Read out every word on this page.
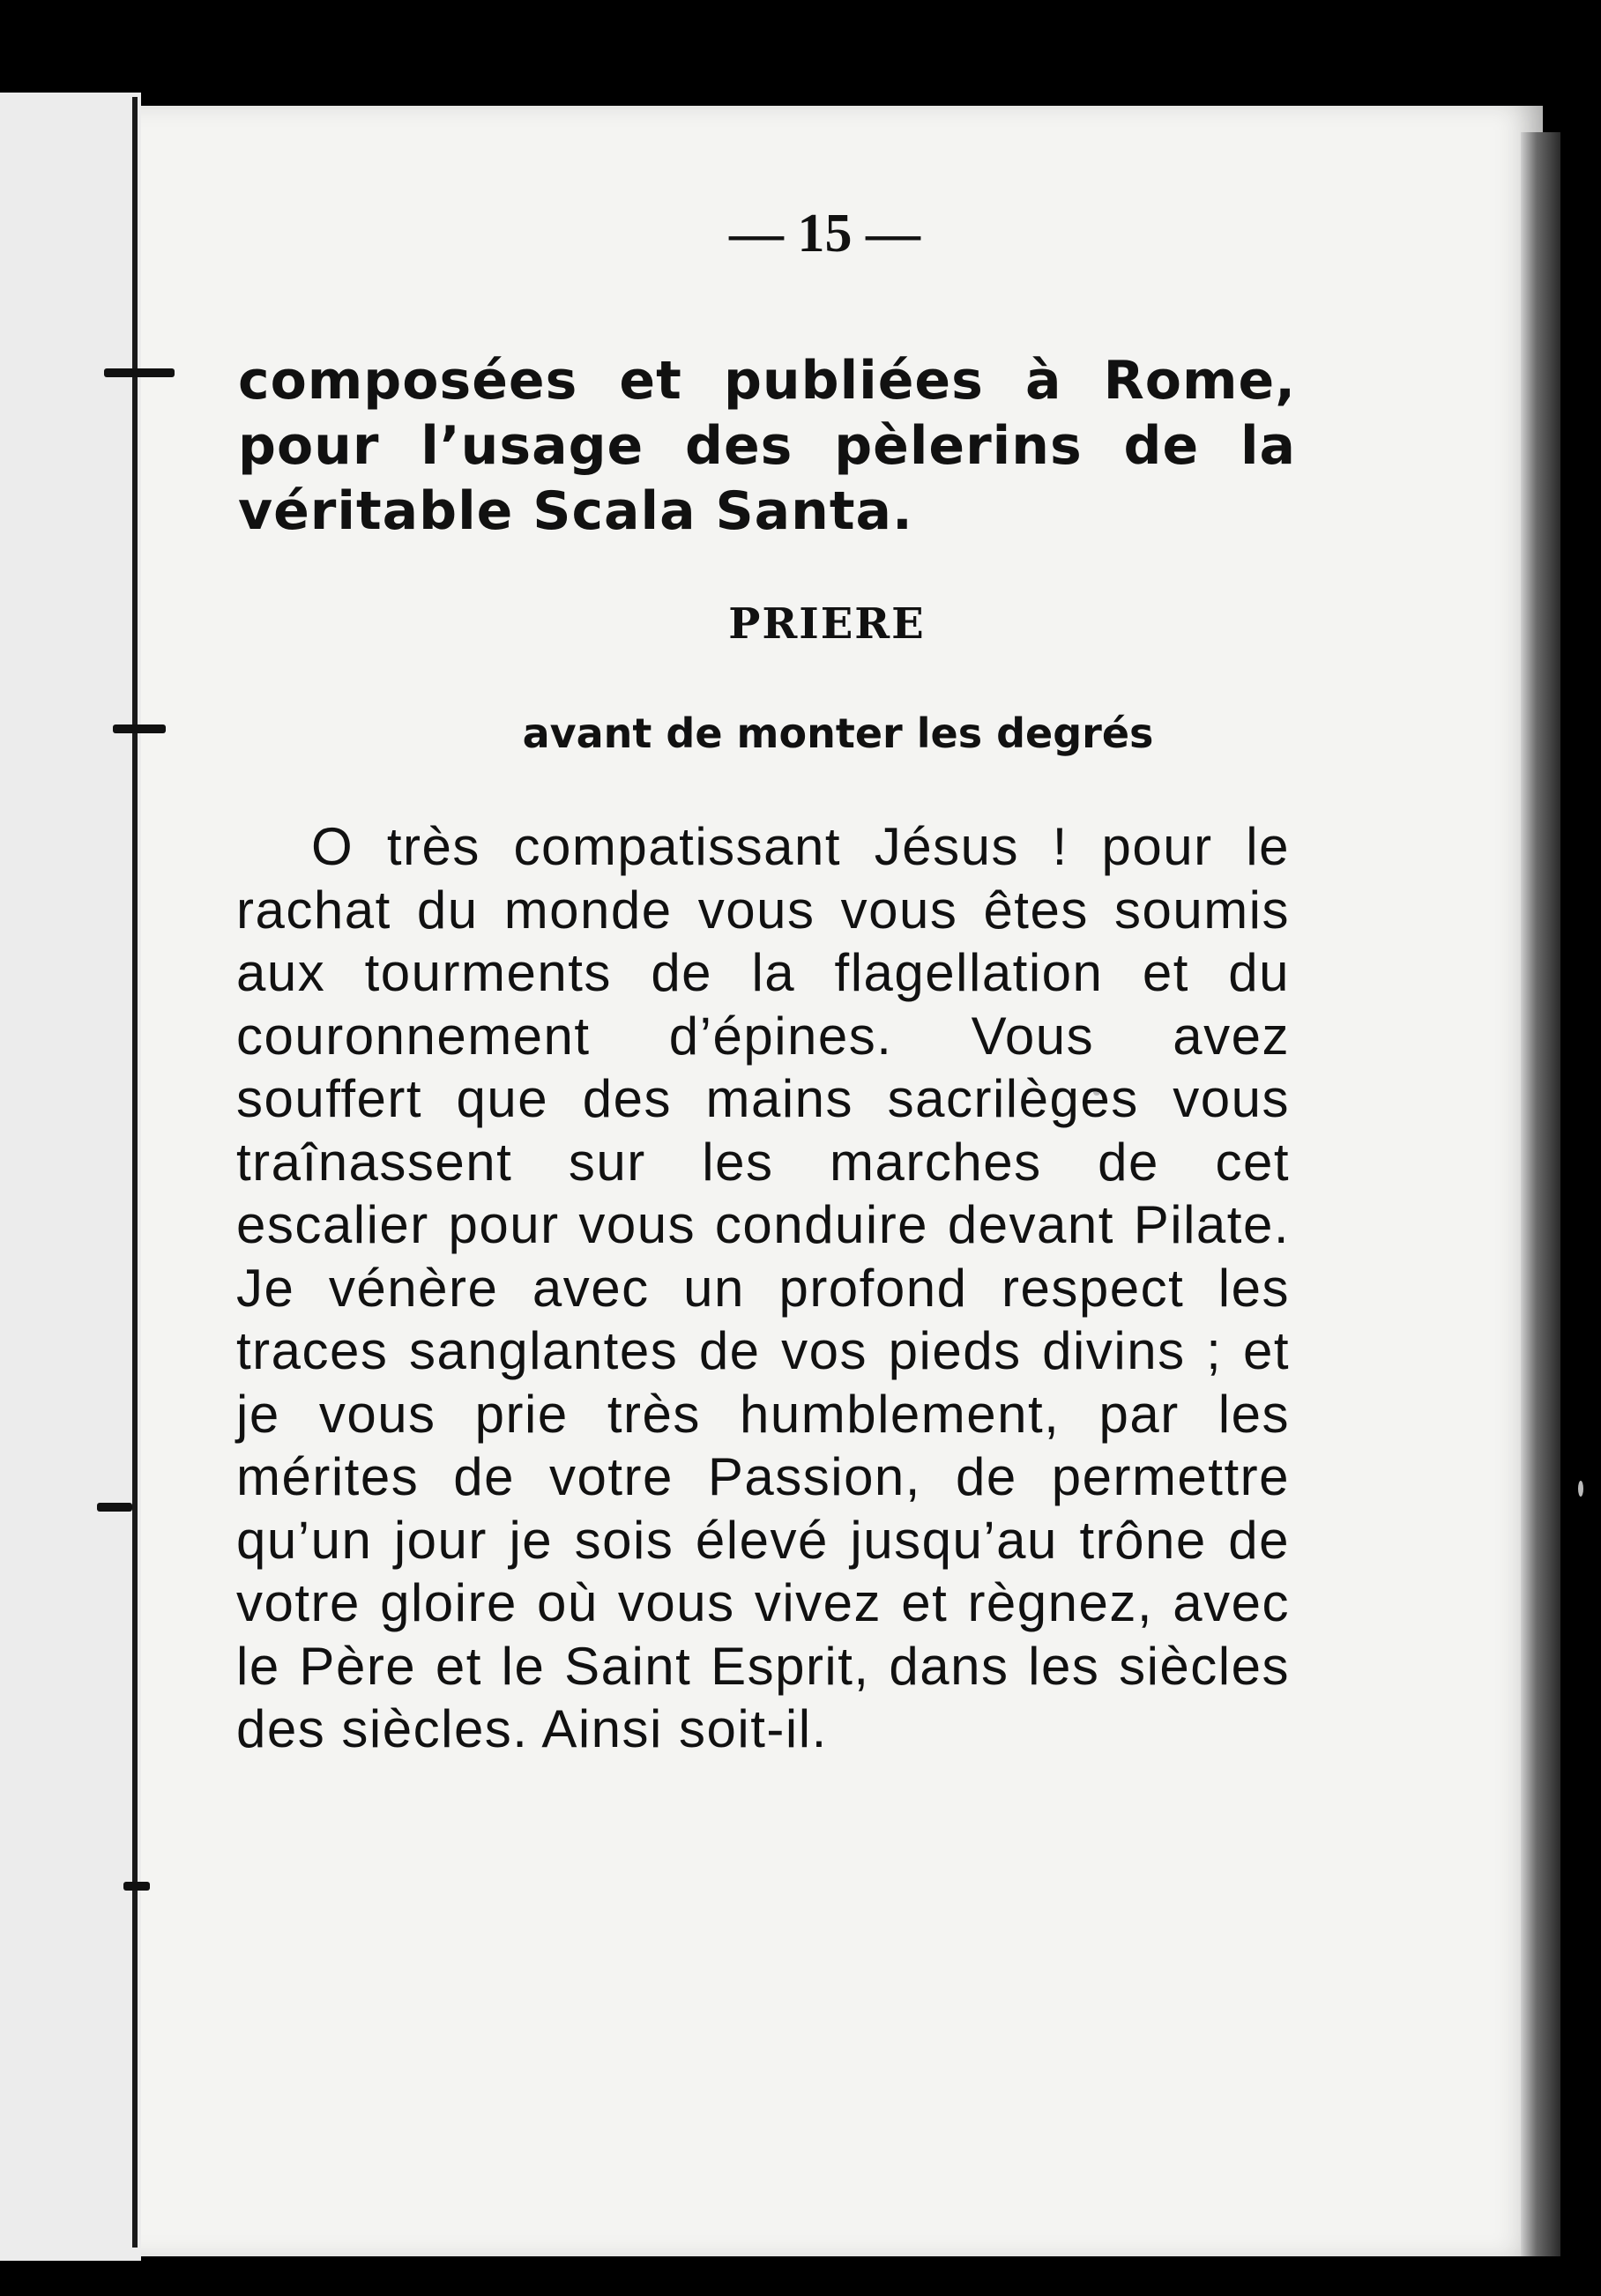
— 15 —
composées et publiées à Rome, pour l’usage des pèlerins de la véritable Scala Santa.
PRIERE
avant de monter les degrés
O très compatissant Jésus ! pour le rachat du monde vous vous êtes soumis aux tourments de la flagellation et du couronnement d’épines. Vous avez souffert que des mains sacrilèges vous traînassent sur les marches de cet escalier pour vous conduire devant Pilate. Je vénère avec un profond respect les traces sanglantes de vos pieds divins ; et je vous prie très humblement, par les mérites de votre Passion, de permettre qu’un jour je sois élevé jusqu’au trône de votre gloire où vous vivez et règnez, avec le Père et le Saint Esprit, dans les siècles des siècles. Ainsi soit-il.
